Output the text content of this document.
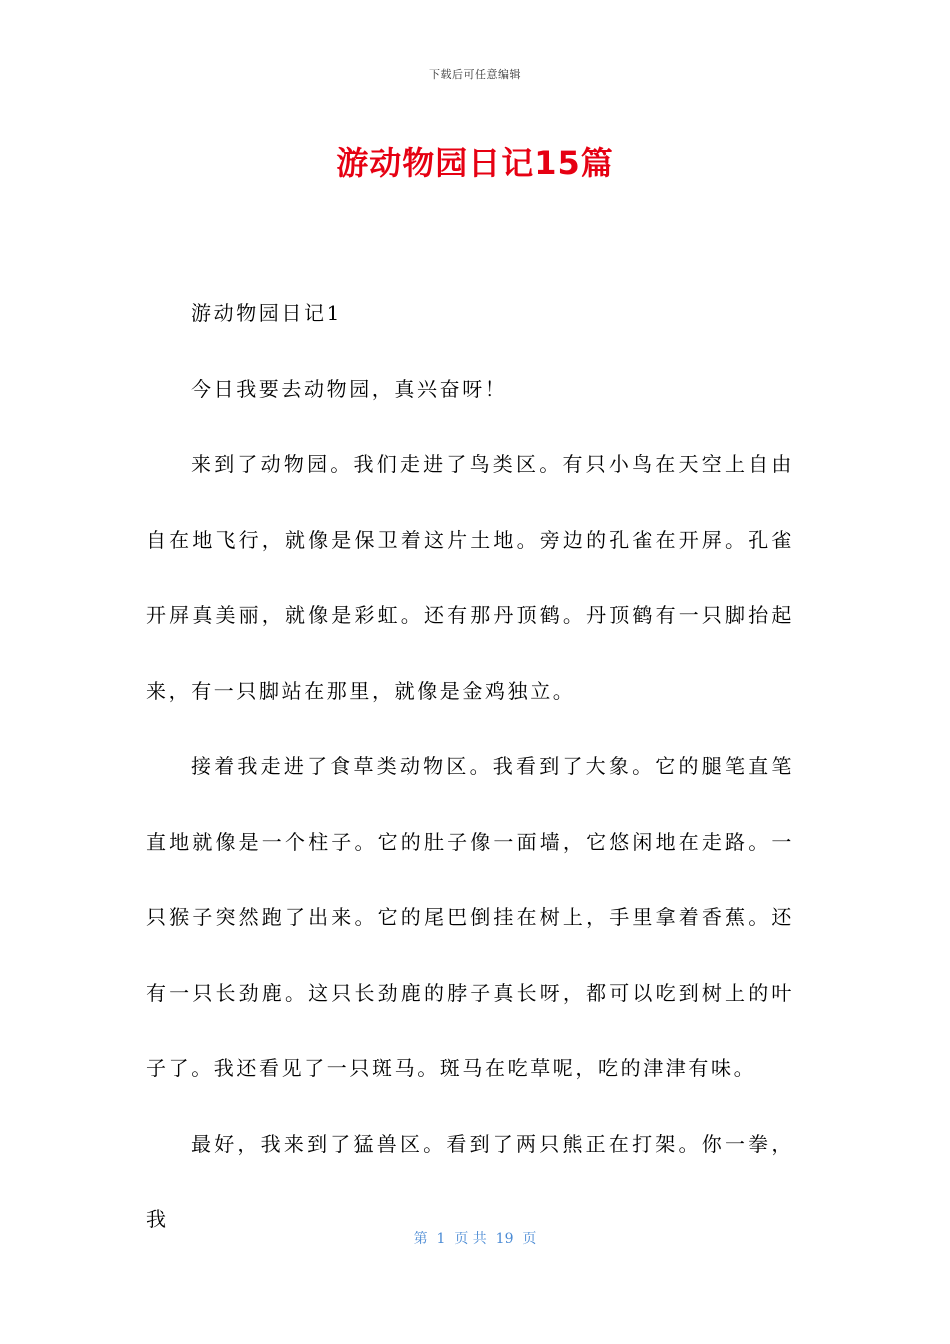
下载后可任意编辑
游动物园日记15篇

游动物园日记1

今日我要去动物园，真兴奋呀！

来到了动物园。我们走进了鸟类区。有只小鸟在天空上自由自在地飞行，就像是保卫着这片土地。旁边的孔雀在开屏。孔雀开屏真美丽，就像是彩虹。还有那丹顶鹤。丹顶鹤有一只脚抬起来，有一只脚站在那里，就像是金鸡独立。

接着我走进了食草类动物区。我看到了大象。它的腿笔直笔直地就像是一个柱子。它的肚子像一面墙，它悠闲地在走路。一只猴子突然跑了出来。它的尾巴倒挂在树上，手里拿着香蕉。还有一只长劲鹿。这只长劲鹿的脖子真长呀，都可以吃到树上的叶子了。我还看见了一只斑马。斑马在吃草呢，吃的津津有味。

最好，我来到了猛兽区。看到了两只熊正在打架。你一拳，我

第  1  页 共  19  页
